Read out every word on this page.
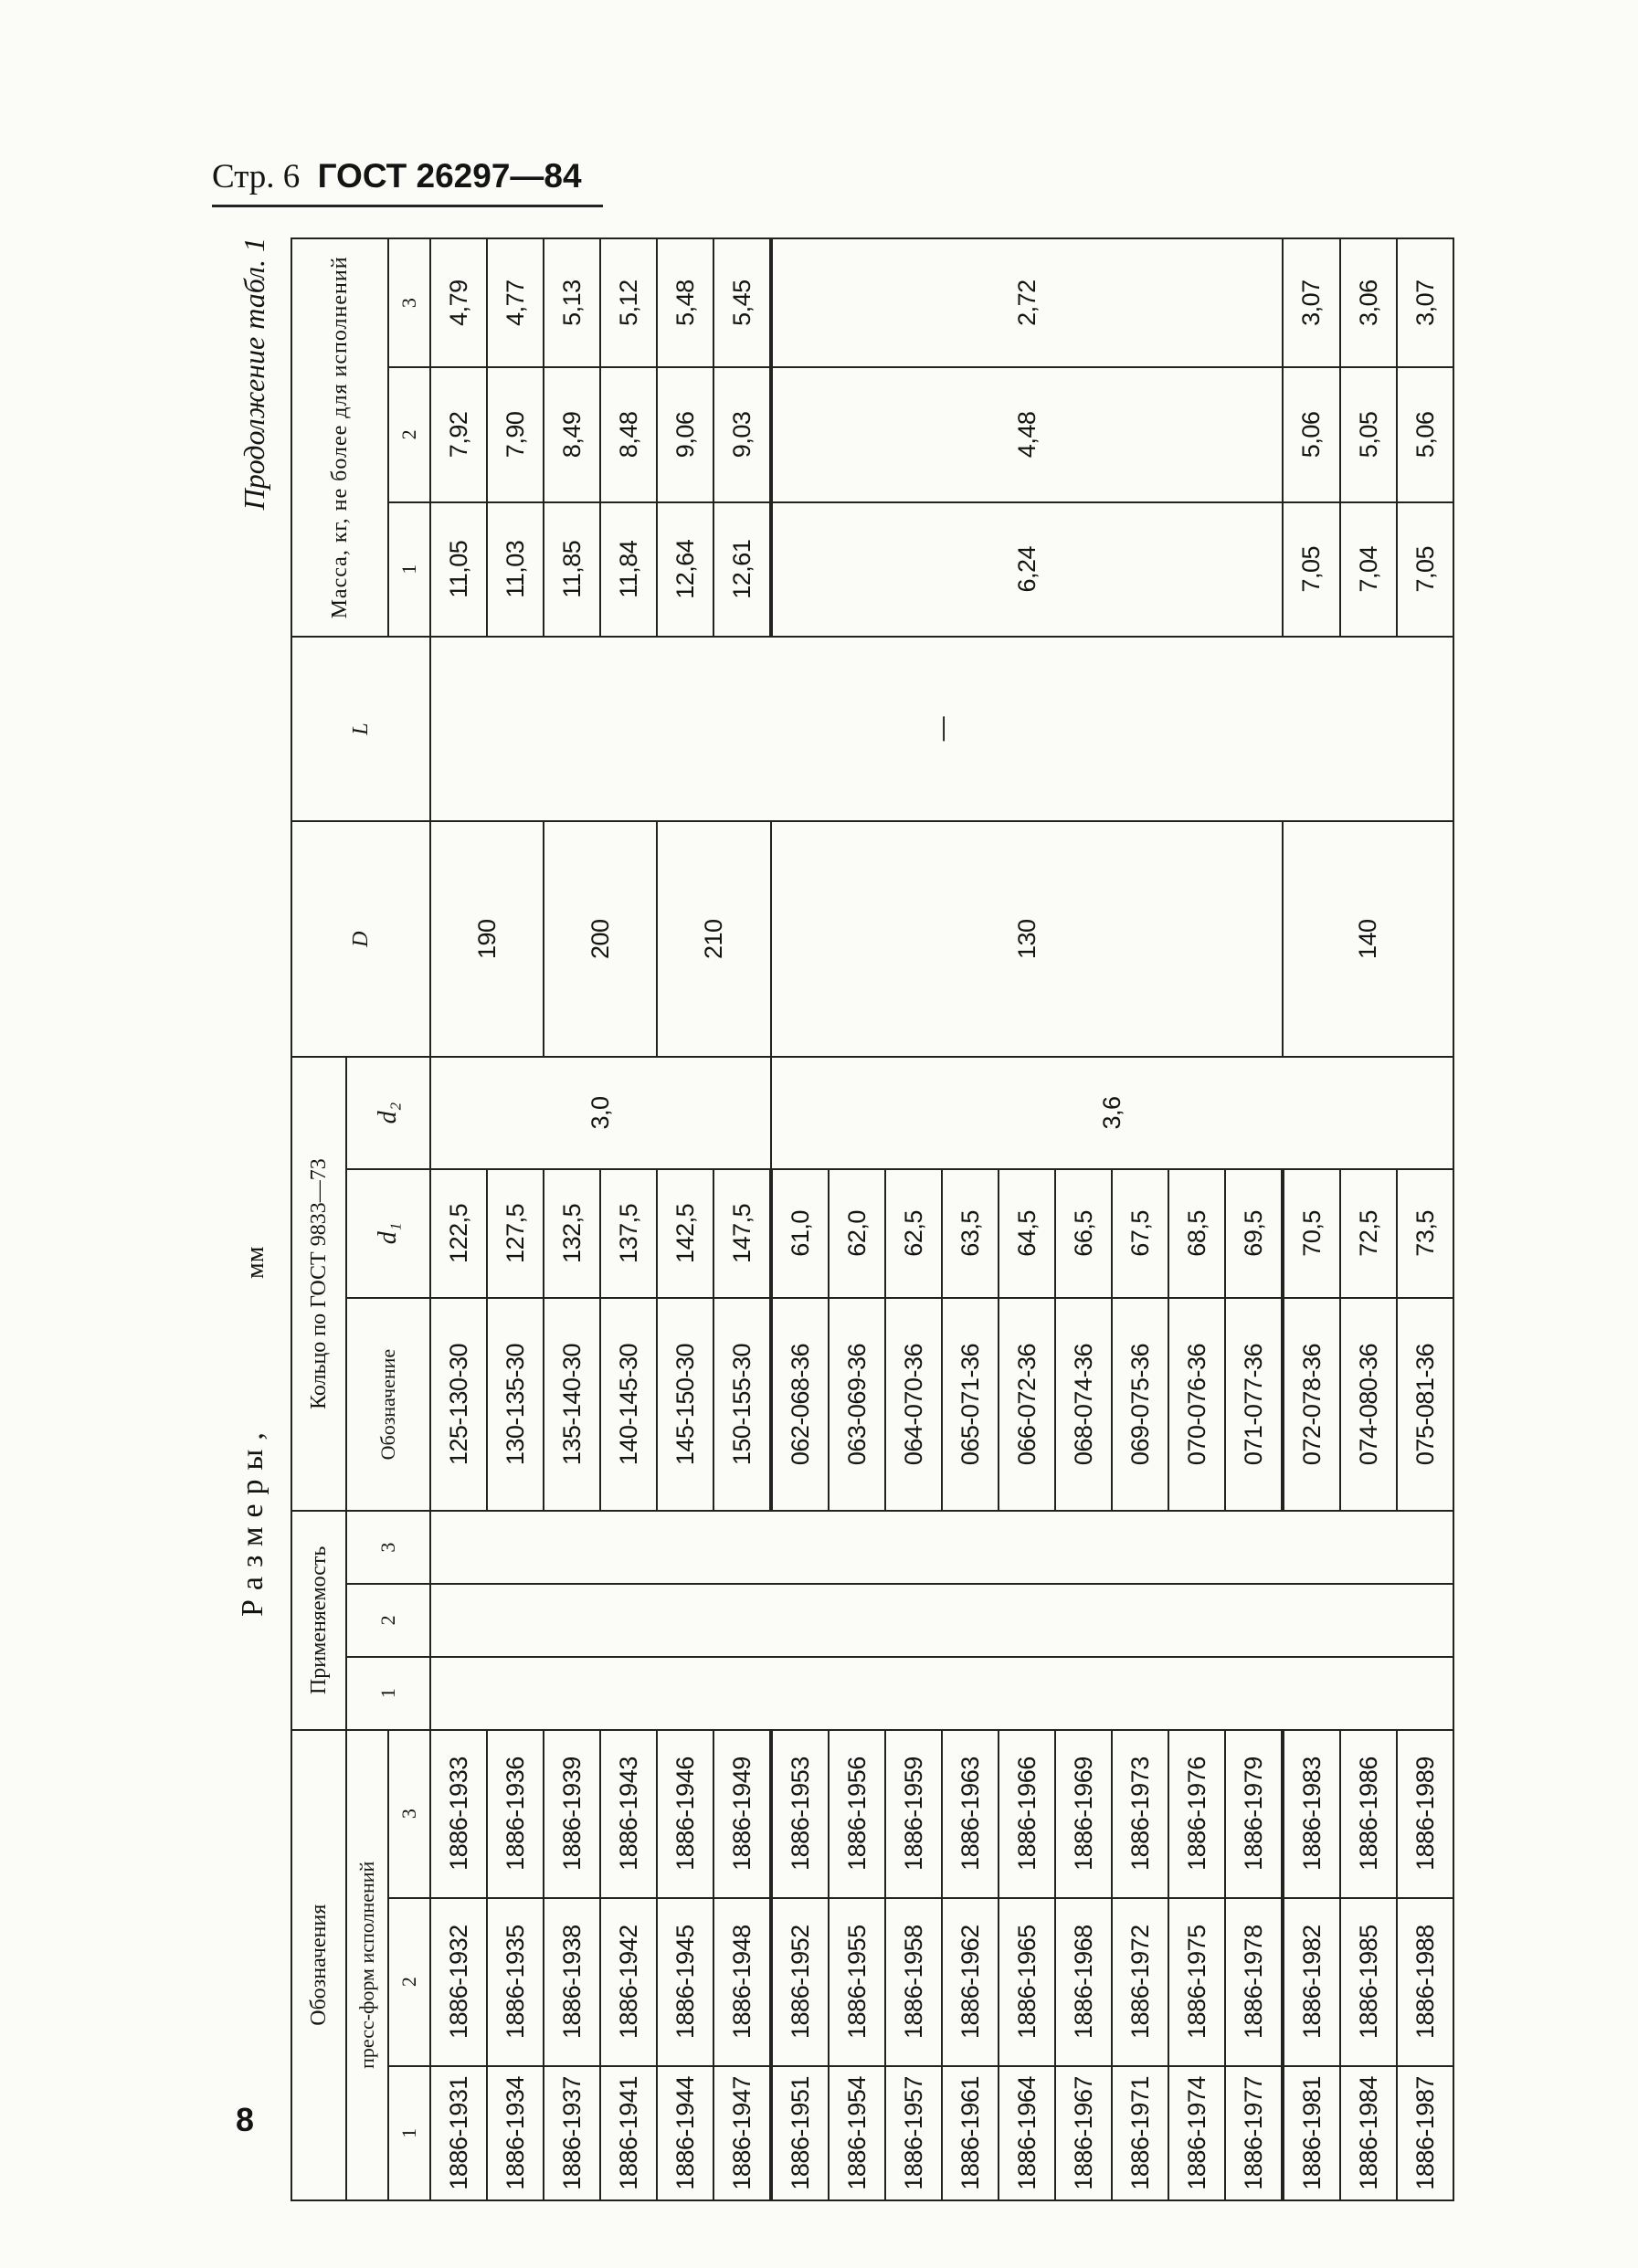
Стр. 6 ГОСТ 26297—84
Размеры,
мм
Продолжение табл. 1
Обозначения			Применяемость			Кольцо по ГОСТ 9833—73			D	L	Масса, кг, не более для исполнений		
пресс-форм исполнений			1	2	3	Обозначение	d₁	d₂					
1	2	3									1	2	3
1886-1931	1886-1932	1886-1933				125-130-30	122,5	3,0	190	—	11,05	7,92	4,79
1886-1934	1886-1935	1886-1936				130-135-30	127,5				11,03	7,90	4,77
1886-1937	1886-1938	1886-1939				135-140-30	132,5		200		11,85	8,49	5,13
1886-1941	1886-1942	1886-1943				140-145-30	137,5				11,84	8,48	5,12
1886-1944	1886-1945	1886-1946				145-150-30	142,5		210		12,64	9,06	5,48
1886-1947	1886-1948	1886-1949				150-155-30	147,5				12,61	9,03	5,45
1886-1951	1886-1952	1886-1953				062-068-36	61,0	3,6	130		6,24	4,48	2,72
1886-1954	1886-1955	1886-1956				063-069-36	62,0						
1886-1957	1886-1958	1886-1959				064-070-36	62,5						
1886-1961	1886-1962	1886-1963				065-071-36	63,5						
1886-1964	1886-1965	1886-1966				066-072-36	64,5						
1886-1967	1886-1968	1886-1969				068-074-36	66,5						
1886-1971	1886-1972	1886-1973				069-075-36	67,5						
1886-1974	1886-1975	1886-1976				070-076-36	68,5						
1886-1977	1886-1978	1886-1979				071-077-36	69,5						
1886-1981	1886-1982	1886-1983				072-078-36	70,5		140		7,05	5,06	3,07
1886-1984	1886-1985	1886-1986				074-080-36	72,5				7,04	5,05	3,06
1886-1987	1886-1988	1886-1989				075-081-36	73,5				7,05	5,06	3,07
8
